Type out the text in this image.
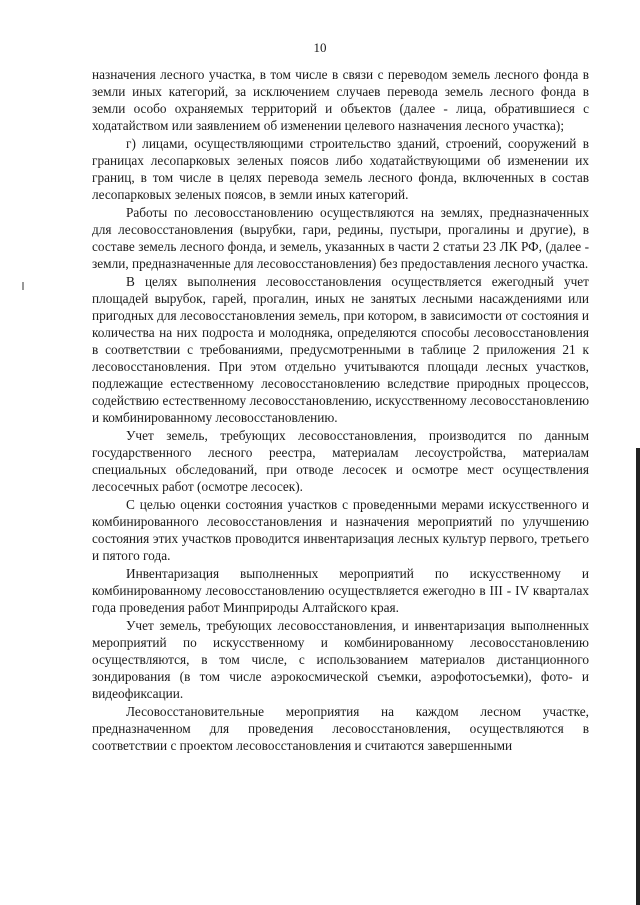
10

назначения лесного участка, в том числе в связи с переводом земель лесного фонда в земли иных категорий, за исключением случаев перевода земель лесного фонда в земли особо охраняемых территорий и объектов (далее - лица, обратившиеся с ходатайством или заявлением об изменении целевого назначения лесного участка);

г) лицами, осуществляющими строительство зданий, строений, сооружений в границах лесопарковых зеленых поясов либо ходатайствующими об изменении их границ, в том числе в целях перевода земель лесного фонда, включенных в состав лесопарковых зеленых поясов, в земли иных категорий.

Работы по лесовосстановлению осуществляются на землях, предназначенных для лесовосстановления (вырубки, гари, редины, пустыри, прогалины и другие), в составе земель лесного фонда, и земель, указанных в части 2 статьи 23 ЛК РФ, (далее - земли, предназначенные для лесовосстановления) без предоставления лесного участка.

В целях выполнения лесовосстановления осуществляется ежегодный учет площадей вырубок, гарей, прогалин, иных не занятых лесными насаждениями или пригодных для лесовосстановления земель, при котором, в зависимости от состояния и количества на них подроста и молодняка, определяются способы лесовосстановления в соответствии с требованиями, предусмотренными в таблице 2 приложения 21 к лесовосстановления. При этом отдельно учитываются площади лесных участков, подлежащие естественному лесовосстановлению вследствие природных процессов, содействию естественному лесовосстановлению, искусственному лесовосстановлению и комбинированному лесовосстановлению.

Учет земель, требующих лесовосстановления, производится по данным государственного лесного реестра, материалам лесоустройства, материалам специальных обследований, при отводе лесосек и осмотре мест осуществления лесосечных работ (осмотре лесосек).

С целью оценки состояния участков с проведенными мерами искусственного и комбинированного лесовосстановления и назначения мероприятий по улучшению состояния этих участков проводится инвентаризация лесных культур первого, третьего и пятого года.

Инвентаризация выполненных мероприятий по искусственному и комбинированному лесовосстановлению осуществляется ежегодно в III - IV кварталах года проведения работ Минприроды Алтайского края.

Учет земель, требующих лесовосстановления, и инвентаризация выполненных мероприятий по искусственному и комбинированному лесовосстановлению осуществляются, в том числе, с использованием материалов дистанционного зондирования (в том числе аэрокосмической съемки, аэрофотосъемки), фото- и видеофиксации.

Лесовосстановительные мероприятия на каждом лесном участке, предназначенном для проведения лесовосстановления, осуществляются в соответствии с проектом лесовосстановления и считаются завершенными
